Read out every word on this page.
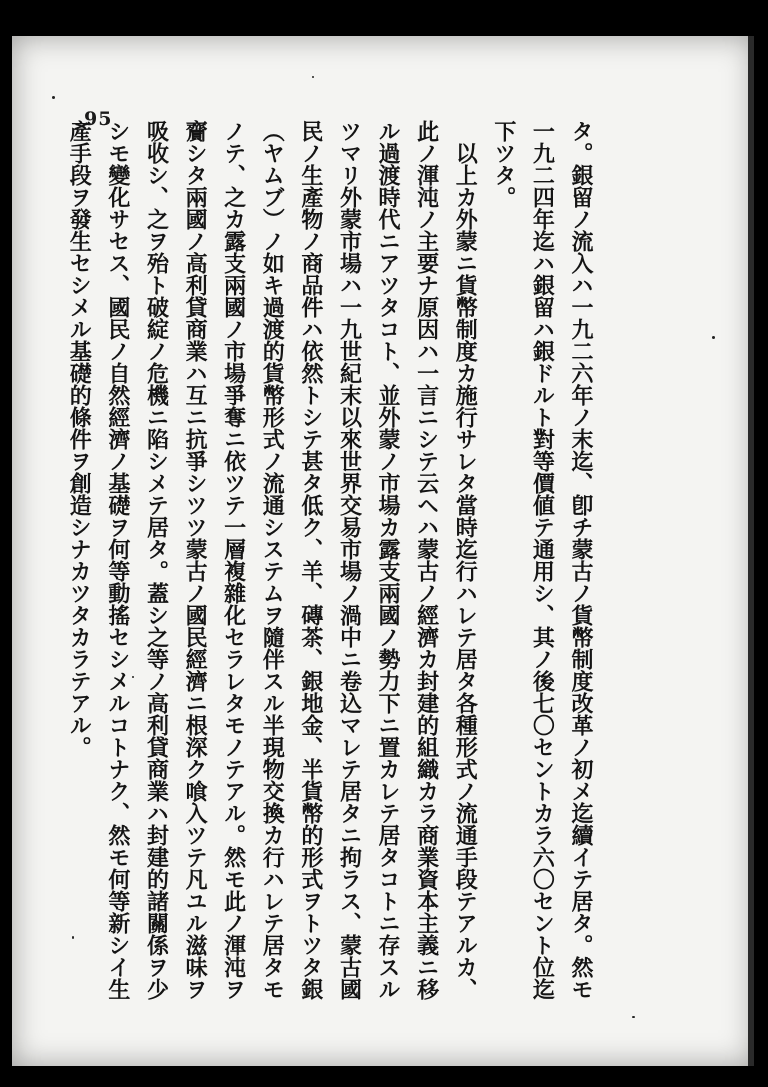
95
タ。銀留ノ流入ハ一九二六年ノ末迄、卽チ蒙古ノ貨幣制度改革ノ初メ迄續イテ居タ。然モ
一九二四年迄ハ銀留ハ銀ドルト對等價値テ通用シ、其ノ後七〇セントカラ六〇セント位迄
下ツタ。
以上カ外蒙ニ貨幣制度カ施行サレタ當時迄行ハレテ居タ各種形式ノ流通手段テアルカ、
此ノ渾沌ノ主要ナ原因ハ一言ニシテ云ヘハ蒙古ノ經濟カ封建的組織カラ商業資本主義ニ移
ル過渡時代ニアツタコト、並外蒙ノ市場カ露支兩國ノ勢力下ニ置カレテ居タコトニ存スル
ツマリ外蒙市場ハ一九世紀末以來世界交易市場ノ渦中ニ卷込マレテ居タニ拘ラス、蒙古國
民ノ生產物ノ商品件ハ依然トシテ甚タ低ク、羊、磚茶、銀地金、半貨幣的形式ヲトツタ銀
（ヤムブ）ノ如キ過渡的貨幣形式ノ流通システムヲ隨伴スル半現物交換カ行ハレテ居タモ
ノテ、之カ露支兩國ノ市場爭奪ニ依ツテ一層複雜化セラレタモノテアル。然モ此ノ渾沌ヲ
齎シタ兩國ノ高利貸商業ハ互ニ抗爭シツツ蒙古ノ國民經濟ニ根深ク喰入ツテ凡ユル滋味ヲ
吸收シ、之ヲ殆ト破綻ノ危機ニ陷シメテ居タ。蓋シ之等ノ高利貸商業ハ封建的諸關係ヲ少
シモ變化サセス、國民ノ自然經濟ノ基礎ヲ何等動搖セシメルコトナク、然モ何等新シイ生
產手段ヲ發生セシメル基礎的條件ヲ創造シナカツタカラテアル。
